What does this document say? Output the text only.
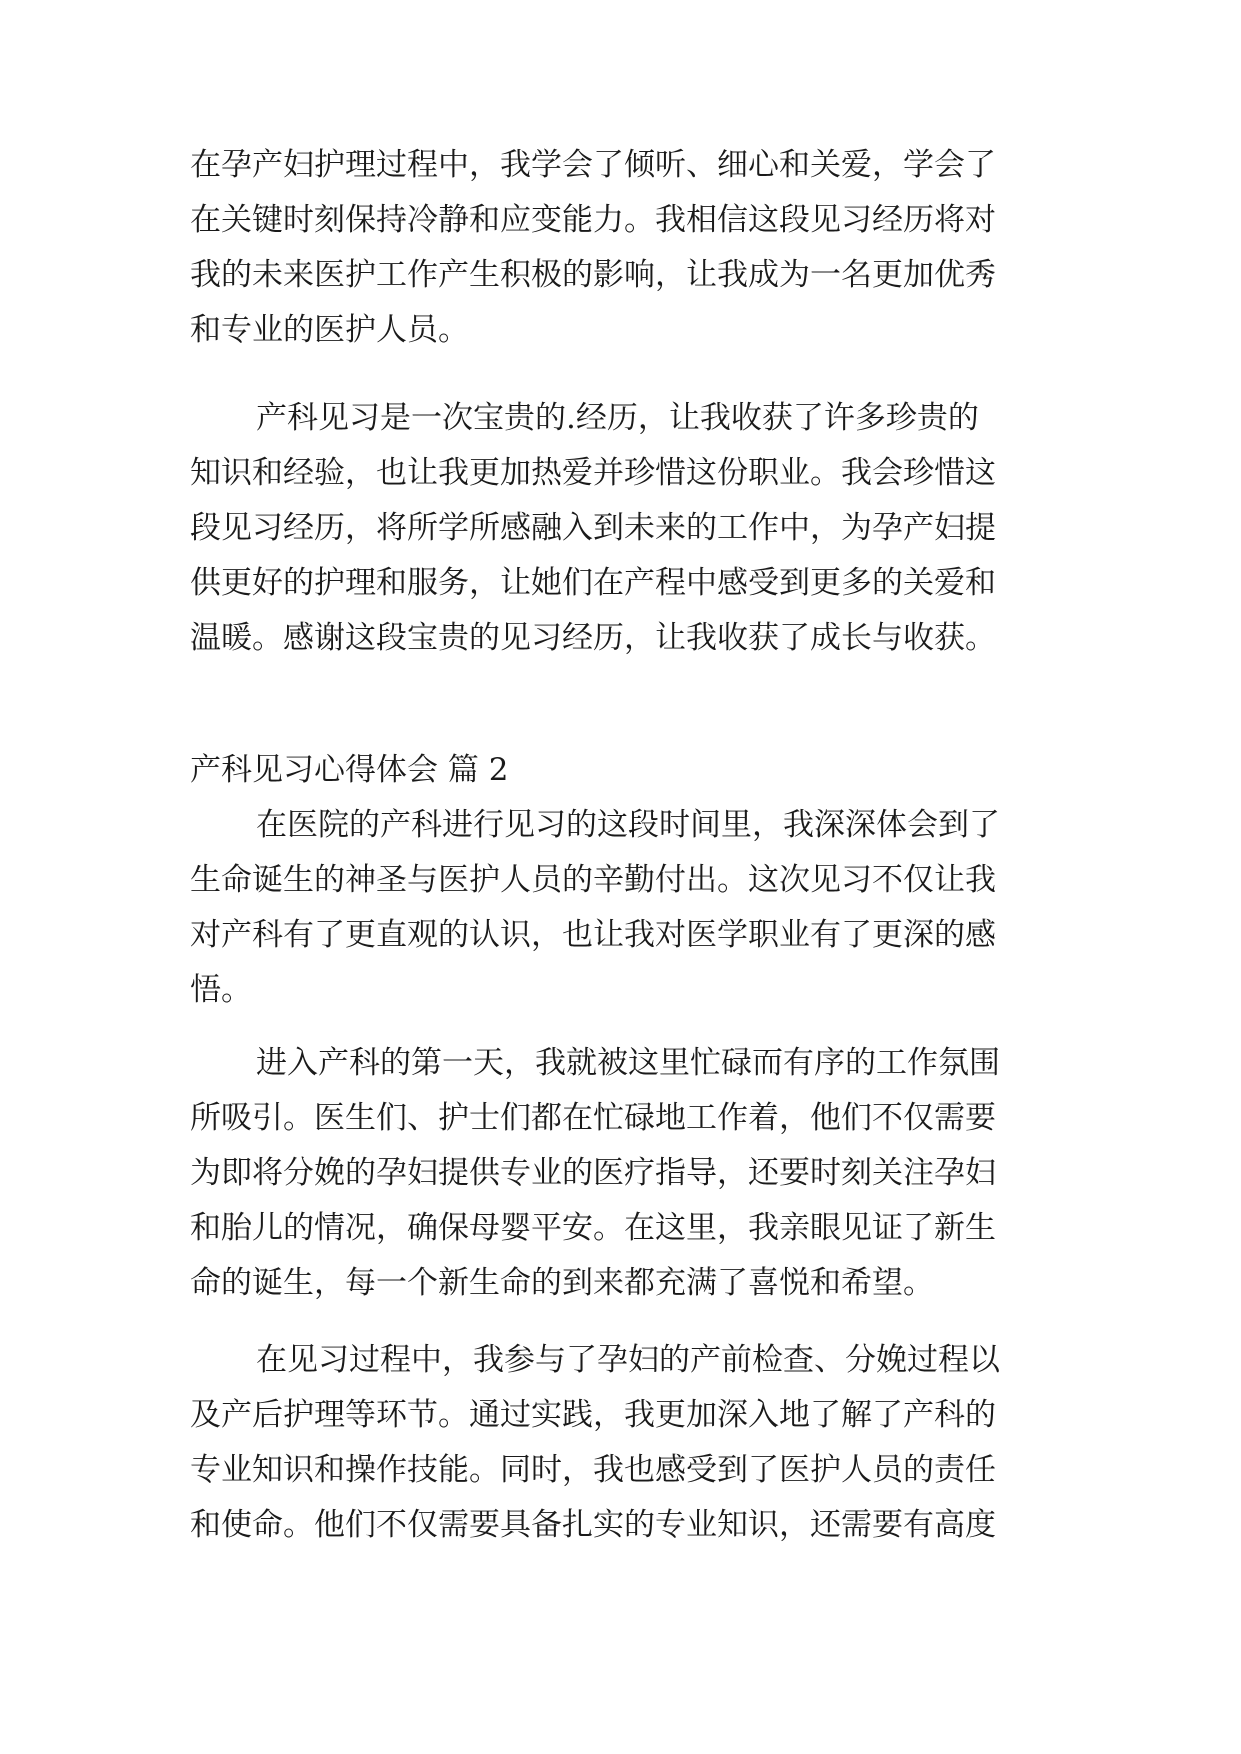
在孕产妇护理过程中，我学会了倾听、细心和关爱，学会了
在关键时刻保持冷静和应变能力。我相信这段见习经历将对
我的未来医护工作产生积极的影响，让我成为一名更加优秀
和专业的医护人员。
产科见习是一次宝贵的.经历，让我收获了许多珍贵的
知识和经验，也让我更加热爱并珍惜这份职业。我会珍惜这
段见习经历，将所学所感融入到未来的工作中，为孕产妇提
供更好的护理和服务，让她们在产程中感受到更多的关爱和
温暖。感谢这段宝贵的见习经历，让我收获了成长与收获。
产科见习心得体会 篇 2
在医院的产科进行见习的这段时间里，我深深体会到了
生命诞生的神圣与医护人员的辛勤付出。这次见习不仅让我
对产科有了更直观的认识，也让我对医学职业有了更深的感
悟。
进入产科的第一天，我就被这里忙碌而有序的工作氛围
所吸引。医生们、护士们都在忙碌地工作着，他们不仅需要
为即将分娩的孕妇提供专业的医疗指导，还要时刻关注孕妇
和胎儿的情况，确保母婴平安。在这里，我亲眼见证了新生
命的诞生，每一个新生命的到来都充满了喜悦和希望。
在见习过程中，我参与了孕妇的产前检查、分娩过程以
及产后护理等环节。通过实践，我更加深入地了解了产科的
专业知识和操作技能。同时，我也感受到了医护人员的责任
和使命。他们不仅需要具备扎实的专业知识，还需要有高度
